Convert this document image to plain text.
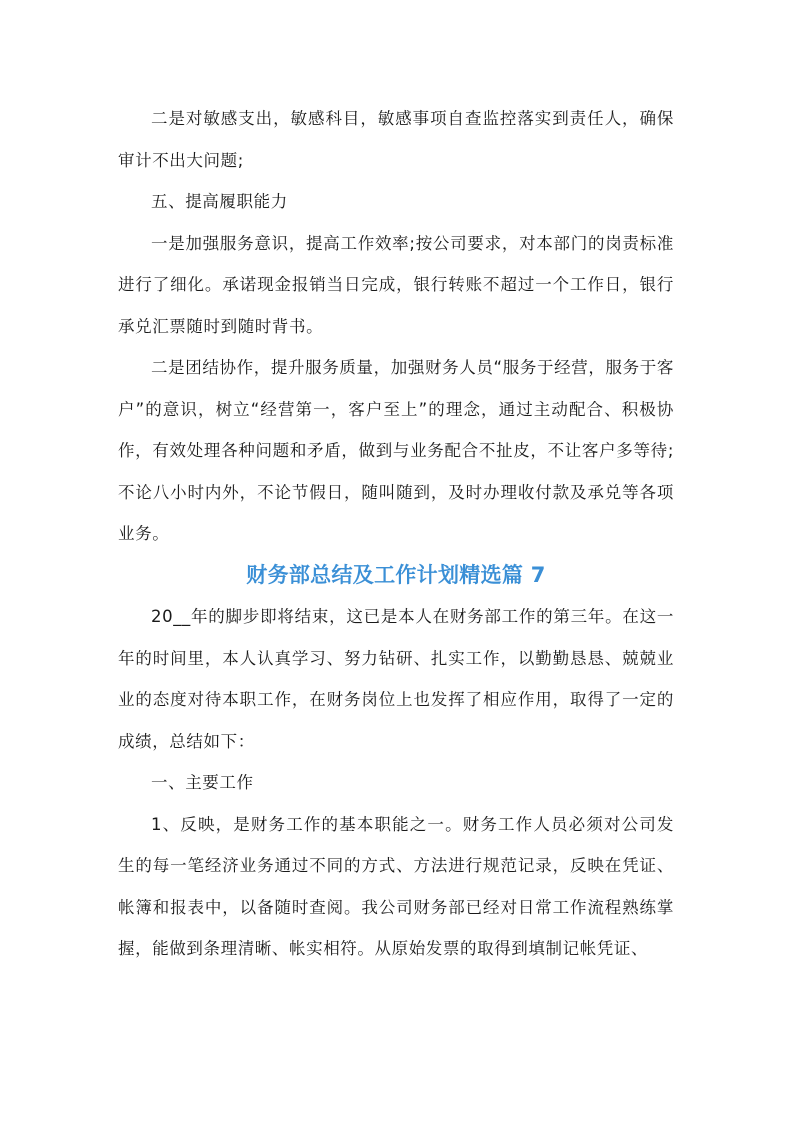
二是对敏感支出，敏感科目，敏感事项自查监控落实到责任人，确保审计不出大问题;

五、提高履职能力

一是加强服务意识，提高工作效率;按公司要求，对本部门的岗责标准进行了细化。承诺现金报销当日完成，银行转账不超过一个工作日，银行承兑汇票随时到随时背书。

二是团结协作，提升服务质量，加强财务人员“服务于经营，服务于客户”的意识，树立“经营第一，客户至上”的理念，通过主动配合、积极协作，有效处理各种问题和矛盾，做到与业务配合不扯皮，不让客户多等待;不论八小时内外，不论节假日，随叫随到，及时办理收付款及承兑等各项业务。

财务部总结及工作计划精选篇 7

20__年的脚步即将结束，这已是本人在财务部工作的第三年。在这一年的时间里，本人认真学习、努力钻研、扎实工作，以勤勤恳恳、兢兢业业的态度对待本职工作，在财务岗位上也发挥了相应作用，取得了一定的成绩，总结如下：

一、主要工作

1、反映，是财务工作的基本职能之一。财务工作人员必须对公司发生的每一笔经济业务通过不同的方式、方法进行规范记录，反映在凭证、帐簿和报表中，以备随时查阅。我公司财务部已经对日常工作流程熟练掌握，能做到条理清晰、帐实相符。从原始发票的取得到填制记帐凭证、
